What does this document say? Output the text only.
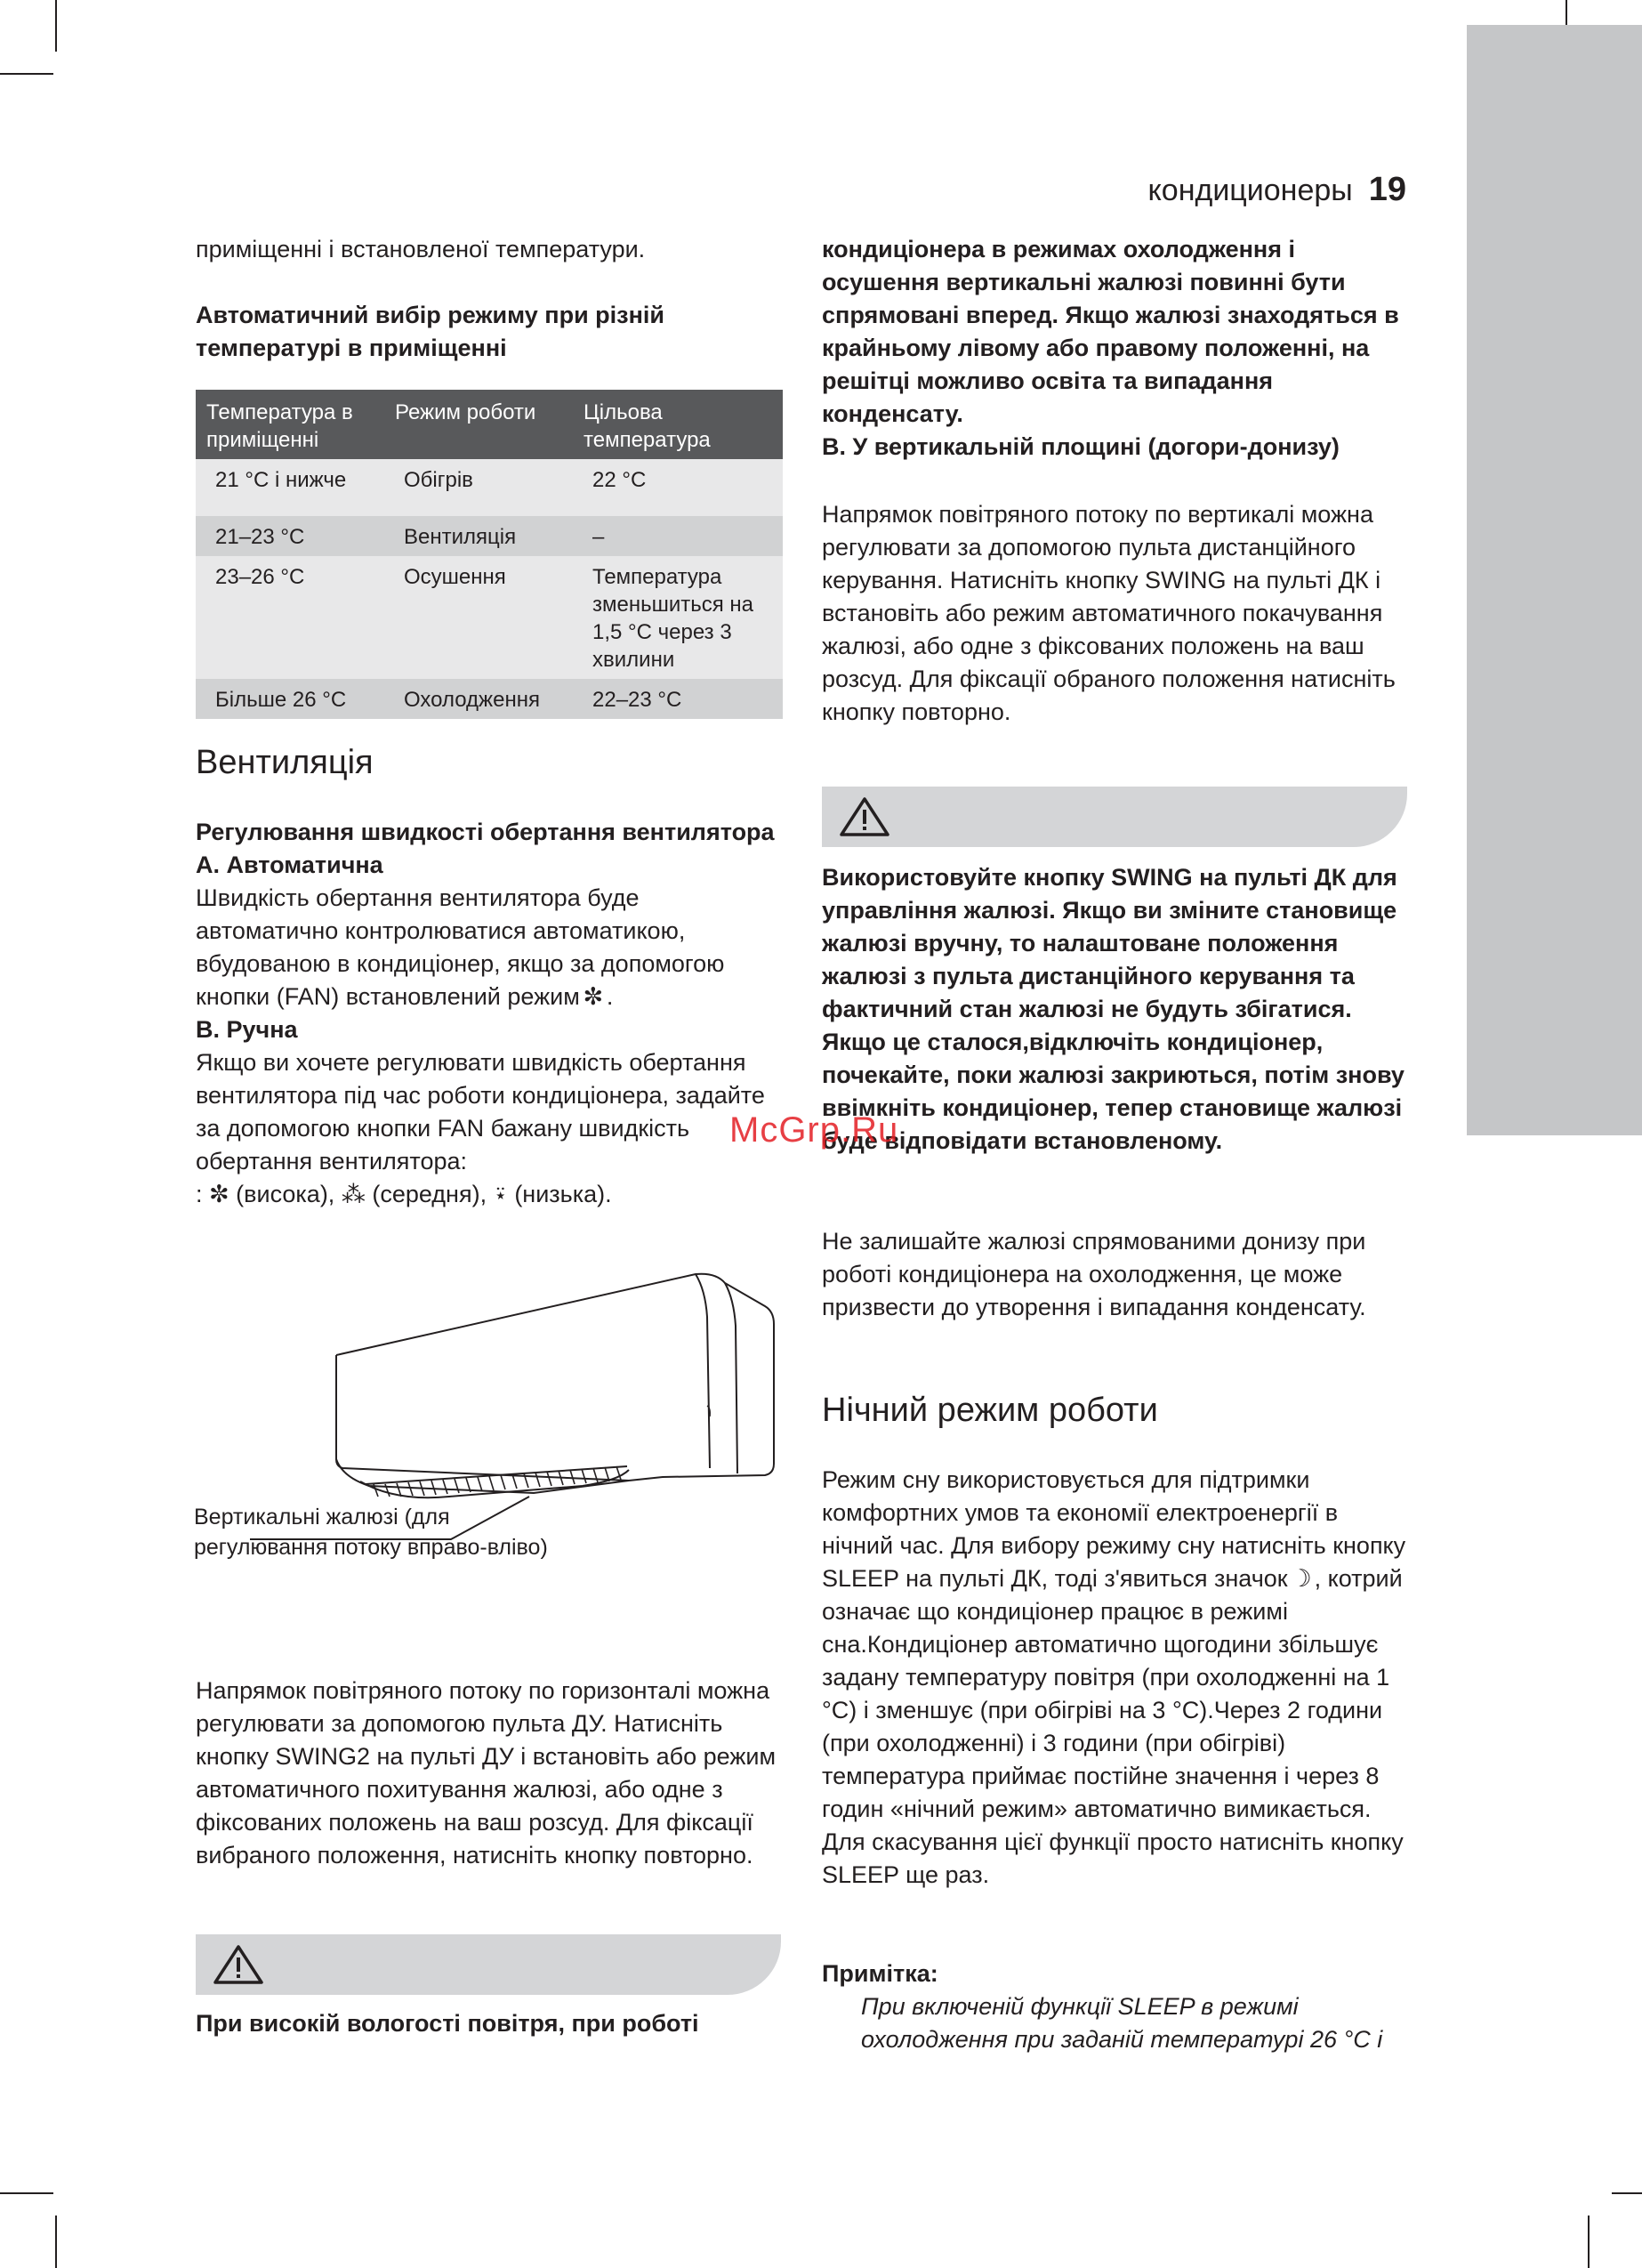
кондиционеры 19

приміщенні і встановленої температури.

Автоматичний вибір режиму при різній температурі в приміщенні

Температура в приміщенні	Режим роботи	Цільова температура
21 °С і нижче	Обігрів	22 °С
21–23 °С	Вентиляція	–
23–26 °С	Осушення	Температура зменьшиться на 1,5 °С через 3 хвилини
Більше 26 °С	Охолодження	22–23 °С

Вентиляція

Регулювання швидкості обертання вентилятора

A. Автоматична

Швидкість обертання вентилятора буде автоматично контролюватися автоматикою, вбудованою в кондиціонер, якщо за допомогою кнопки (FAN) встановлений режим ✼ .

B. Ручна

Якщо ви хочете регулювати швидкість обертання вентилятора під час роботи кондиціонера, задайте за допомогою кнопки FAN бажану швидкість обертання вентилятора:

: ✼ (висока), ⁂ (середня), ⍣ (низька).

Вертикальні жалюзі (для регулювання потоку вправо-вліво)

Напрямок повітряного потоку по горизонталі можна регулювати за допомогою пульта ДУ. Натисніть кнопку SWING2 на пульті ДУ і встановіть або режим автоматичного похитування жалюзі, або одне з фіксованих положень на ваш розсуд. Для фіксації вибраного положення, натисніть кнопку повторно.

При високій вологості повітря, при роботі

кондиціонера в режимах охолодження і осушення вертикальні жалюзі повинні бути спрямовані вперед. Якщо жалюзі знаходяться в крайньому лівому або правому положенні, на решітці можливо освіта та випадання конденсату.

B. У вертикальній площині (догори-донизу)

Напрямок повітряного потоку по вертикалі можна регулювати за допомогою пульта дистанційного керування. Натисніть кнопку SWING на пульті ДК і встановіть або режим автоматичного покачування жалюзі, або одне з фіксованих положень на ваш розсуд. Для фіксації обраного положення натисніть кнопку повторно.

Використовуйте кнопку SWING на пульті ДК для управління жалюзі. Якщо ви зміните становище жалюзі вручну, то налаштоване положення жалюзі з пульта дистанційного керування та фактичний стан жалюзі не будуть збігатися. Якщо це сталося,відключіть кондиціонер, почекайте, поки жалюзі закриються, потім знову ввімкніть кондиціонер, тепер становище жалюзі буде відповідати встановленому.

Не залишайте жалюзі спрямованими донизу при роботі кондиціонера на охолодження, це може призвести до утворення і випадання конденсату.

Нічний режим роботи

Режим сну використовується для підтримки комфортних умов та економії електроенергії в нічний час. Для вибору режиму сну натисніть кнопку SLEEP на пульті ДК, тоді з'явиться значок ☽ , котрий означає що кондиціонер працює в режимі сна.Кондиціонер автоматично щогодини збільшує задану температуру повітря (при охолодженні на 1 °С) і зменшує (при обігріві на 3 °С).Через 2 години (при охолодженні) і 3 години (при обігріві) температура приймає постійне значення і через 8 годин «нічний режим» автоматично вимикається. Для скасування цієї функції просто натисніть кнопку SLEEP ще раз.

Примітка:

При включеній функції SLEEP в режимі охолодження при заданій температурі 26 °С і

McGrp.Ru
